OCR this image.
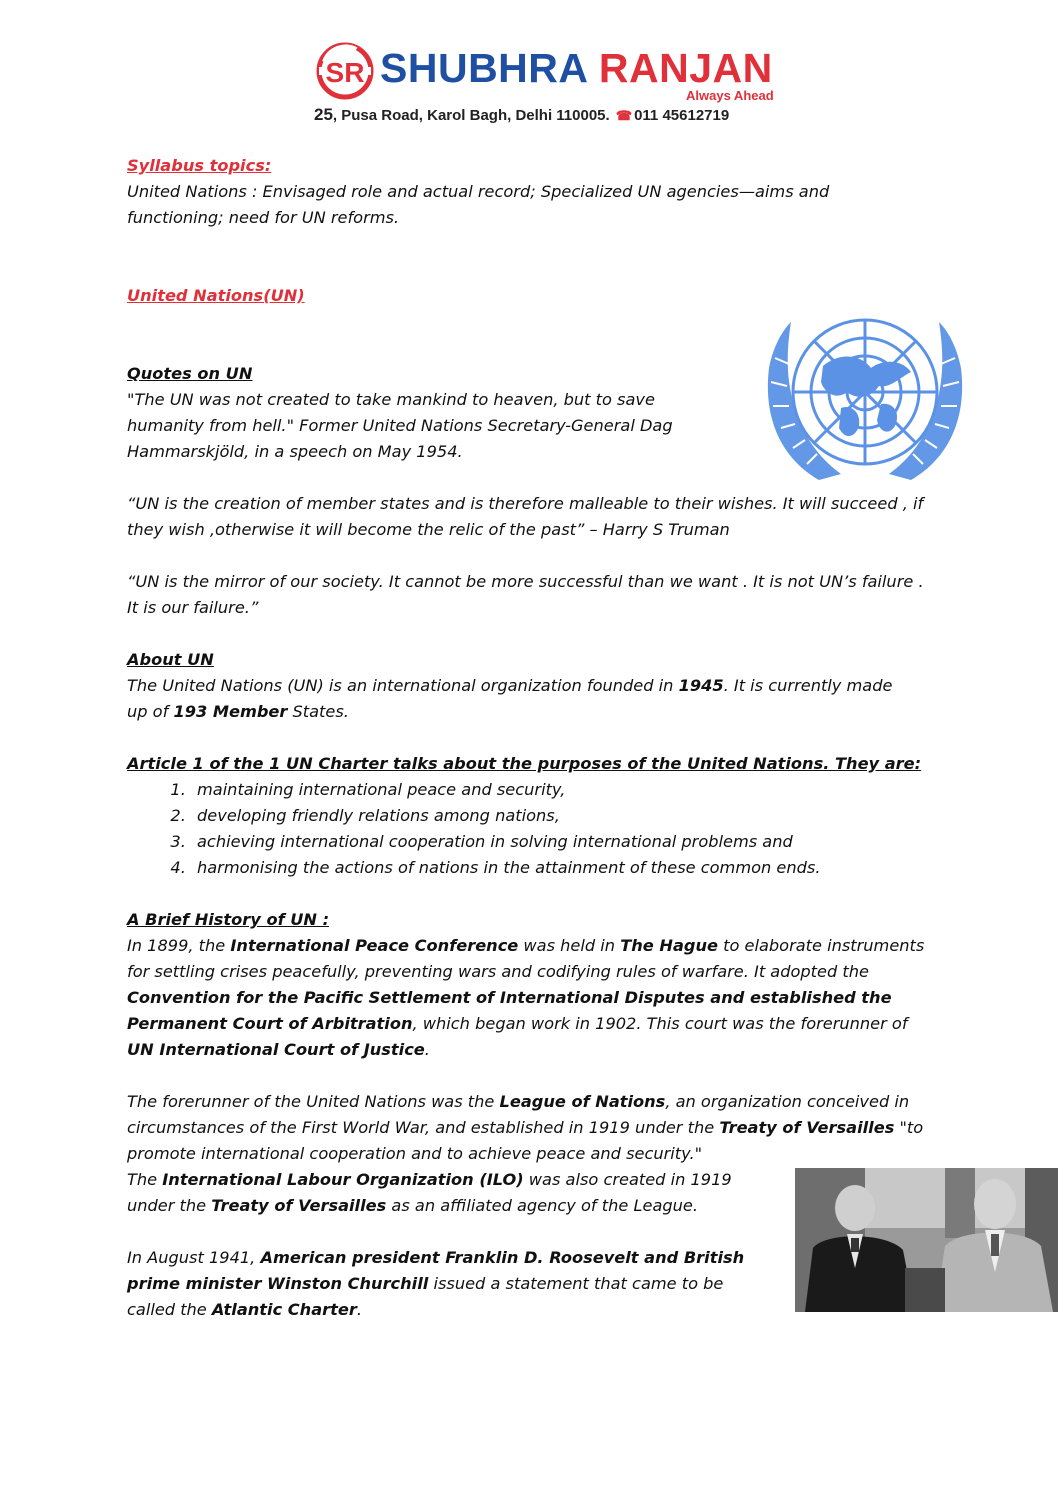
SR SHUBHRA RANJAN
Always Ahead
25, Pusa Road, Karol Bagh, Delhi 110005. ☎ 011 45612719

Syllabus topics:

United Nations : Envisaged role and actual record; Specialized UN agencies—aims and functioning; need for UN reforms.

United Nations(UN)

Quotes on UN

"The UN was not created to take mankind to heaven, but to save humanity from hell." Former United Nations Secretary-General Dag Hammarskjöld, in a speech on May 1954.

“UN is the creation of member states and is therefore malleable to their wishes. It will succeed , if they wish ,otherwise it will become the relic of the past” – Harry S Truman

“UN is the mirror of our society. It cannot be more successful than we want . It is not UN’s failure . It is our failure.”

About UN

The United Nations (UN) is an international organization founded in 1945. It is currently made up of 193 Member States.

Article 1 of the 1 UN Charter talks about the purposes of the United Nations. They are:

1. maintaining international peace and security,
2. developing friendly relations among nations,
3. achieving international cooperation in solving international problems and
4. harmonising the actions of nations in the attainment of these common ends.

A Brief History of UN :

In 1899, the International Peace Conference was held in The Hague to elaborate instruments for settling crises peacefully, preventing wars and codifying rules of warfare. It adopted the Convention for the Pacific Settlement of International Disputes and established the Permanent Court of Arbitration, which began work in 1902. This court was the forerunner of UN International Court of Justice.

The forerunner of the United Nations was the League of Nations, an organization conceived in circumstances of the First World War, and established in 1919 under the Treaty of Versailles "to promote international cooperation and to achieve peace and security."

The International Labour Organization (ILO) was also created in 1919
under the Treaty of Versailles as an affiliated agency of the League.

In August 1941, American president Franklin D. Roosevelt and British
prime minister Winston Churchill issued a statement that came to be
called the Atlantic Charter.
